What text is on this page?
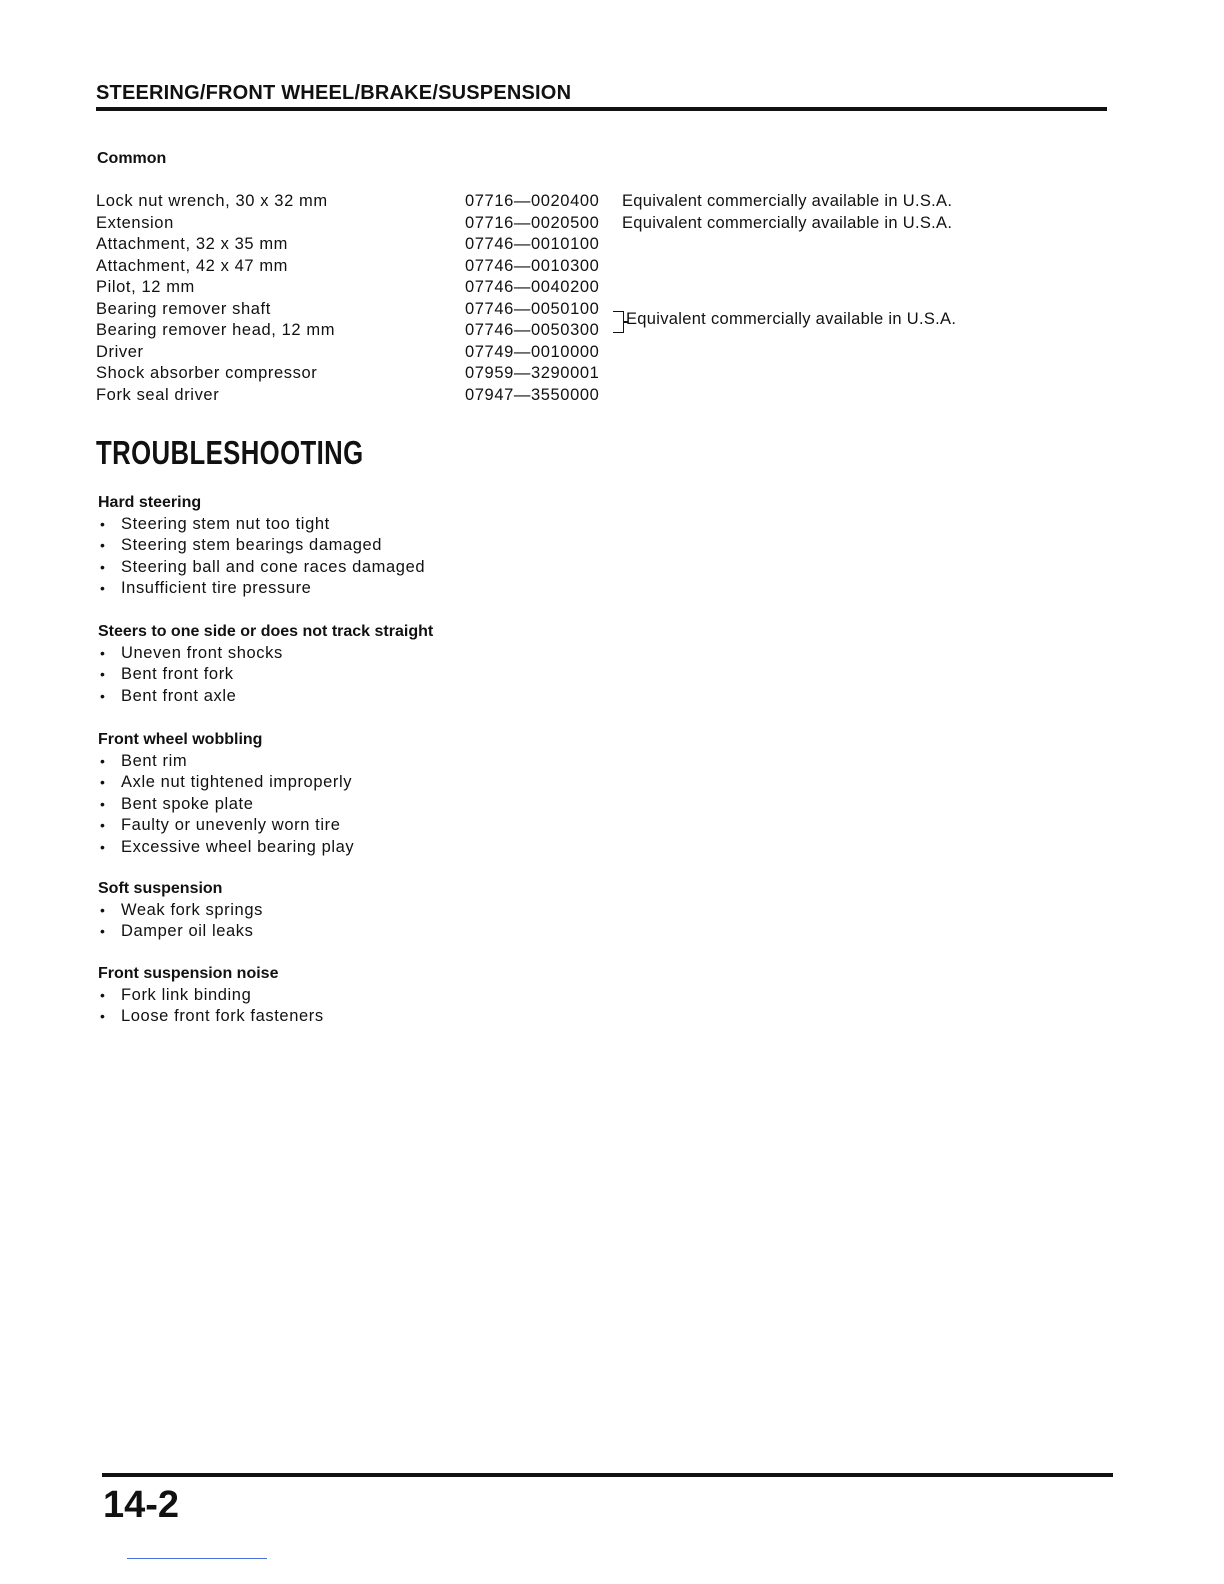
STEERING/FRONT WHEEL/BRAKE/SUSPENSION
Common
Lock nut wrench, 30 x 32 mm	07716—0020400 Equivalent commercially available in U.S.A.
Extension	07716—0020500 Equivalent commercially available in U.S.A.
Attachment, 32 x 35 mm	07746—0010100
Attachment, 42 x 47 mm	07746—0010300
Pilot, 12 mm	07746—0040200
Bearing remover shaft	07746—0050100
Bearing remover head, 12 mm	07746—0050300
Driver	07749—0010000
Shock absorber compressor	07959—3290001
Fork seal driver	07947—3550000
Equivalent commercially available in U.S.A.
TROUBLESHOOTING
Hard steering
• Steering stem nut too tight
• Steering stem bearings damaged
• Steering ball and cone races damaged
• Insufficient tire pressure
Steers to one side or does not track straight
• Uneven front shocks
• Bent front fork
• Bent front axle
Front wheel wobbling
• Bent rim
• Axle nut tightened improperly
• Bent spoke plate
• Faulty or unevenly worn tire
• Excessive wheel bearing play
Soft suspension
• Weak fork springs
• Damper oil leaks
Front suspension noise
• Fork link binding
• Loose front fork fasteners
14-2
